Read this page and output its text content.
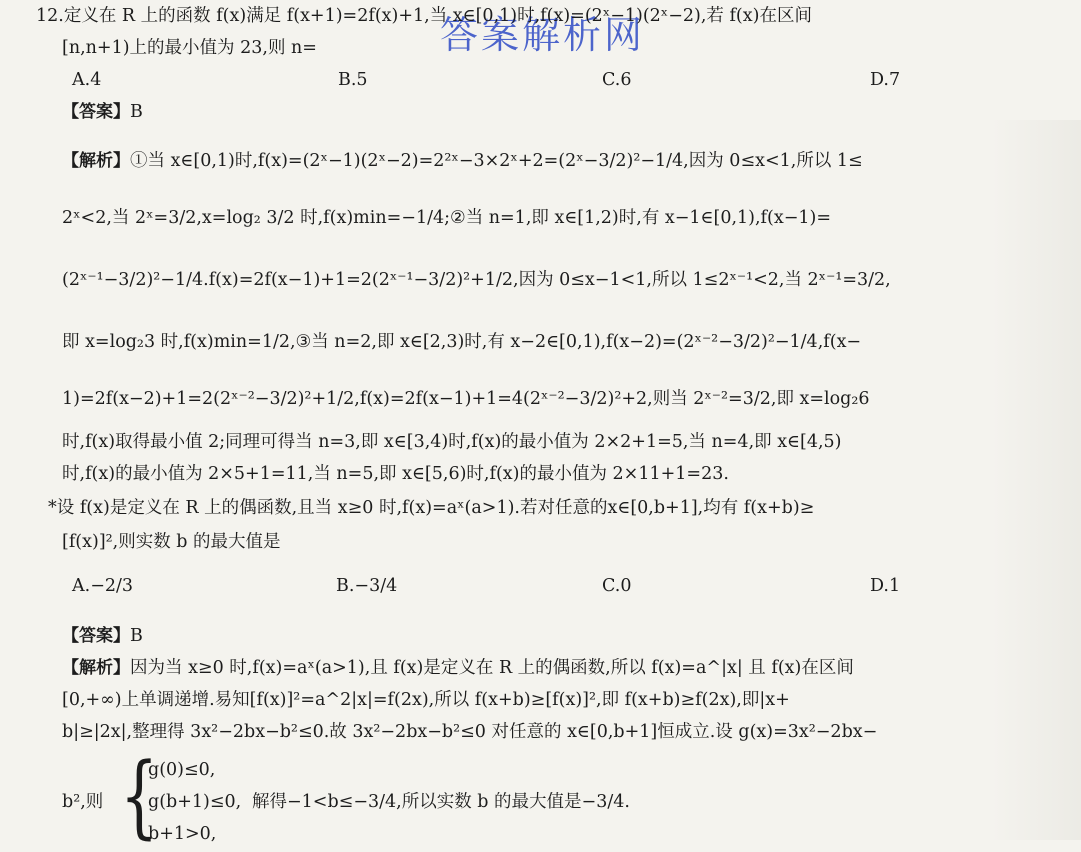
答案解析网
12.定义在 R 上的函数 f(x)满足 f(x+1)=2f(x)+1,当 x∈[0,1)时,f(x)=(2ˣ−1)(2ˣ−2),若 f(x)在区间
[n,n+1)上的最小值为 23,则 n=
A.4	B.5	C.6	D.7
【答案】B
【解析】①当 x∈[0,1)时,f(x)=(2ˣ−1)(2ˣ−2)=2²ˣ−3×2ˣ+2=(2ˣ−3/2)²−1/4,因为 0≤x<1,所以 1≤
2ˣ<2,当 2ˣ=3/2,x=log₂ 3/2 时,f(x)min=−1/4;②当 n=1,即 x∈[1,2)时,有 x−1∈[0,1),f(x−1)=
(2ˣ⁻¹−3/2)²−1/4.f(x)=2f(x−1)+1=2(2ˣ⁻¹−3/2)²+1/2,因为 0≤x−1<1,所以 1≤2ˣ⁻¹<2,当 2ˣ⁻¹=3/2,
即 x=log₂3 时,f(x)min=1/2,③当 n=2,即 x∈[2,3)时,有 x−2∈[0,1),f(x−2)=(2ˣ⁻²−3/2)²−1/4,f(x−
1)=2f(x−2)+1=2(2ˣ⁻²−3/2)²+1/2,f(x)=2f(x−1)+1=4(2ˣ⁻²−3/2)²+2,则当 2ˣ⁻²=3/2,即 x=log₂6
时,f(x)取得最小值 2;同理可得当 n=3,即 x∈[3,4)时,f(x)的最小值为 2×2+1=5,当 n=4,即 x∈[4,5)
时,f(x)的最小值为 2×5+1=11,当 n=5,即 x∈[5,6)时,f(x)的最小值为 2×11+1=23.
*设 f(x)是定义在 R 上的偶函数,且当 x≥0 时,f(x)=aˣ(a>1).若对任意的x∈[0,b+1],均有 f(x+b)≥
[f(x)]²,则实数 b 的最大值是
A.−2/3	B.−3/4	C.0	D.1
【答案】B
【解析】因为当 x≥0 时,f(x)=aˣ(a>1),且 f(x)是定义在 R 上的偶函数,所以 f(x)=a^|x| 且 f(x)在区间
[0,+∞)上单调递增.易知[f(x)]²=a^2|x|=f(2x),所以 f(x+b)≥[f(x)]²,即 f(x+b)≥f(2x),即|x+
b|≥|2x|,整理得 3x²−2bx−b²≤0.故 3x²−2bx−b²≤0 对任意的 x∈[0,b+1]恒成立.设 g(x)=3x²−2bx−
b²,则 {
g(0)≤0,
g(b+1)≤0, 解得−1<b≤−3/4,所以实数 b 的最大值是−3/4.
b+1>0,
